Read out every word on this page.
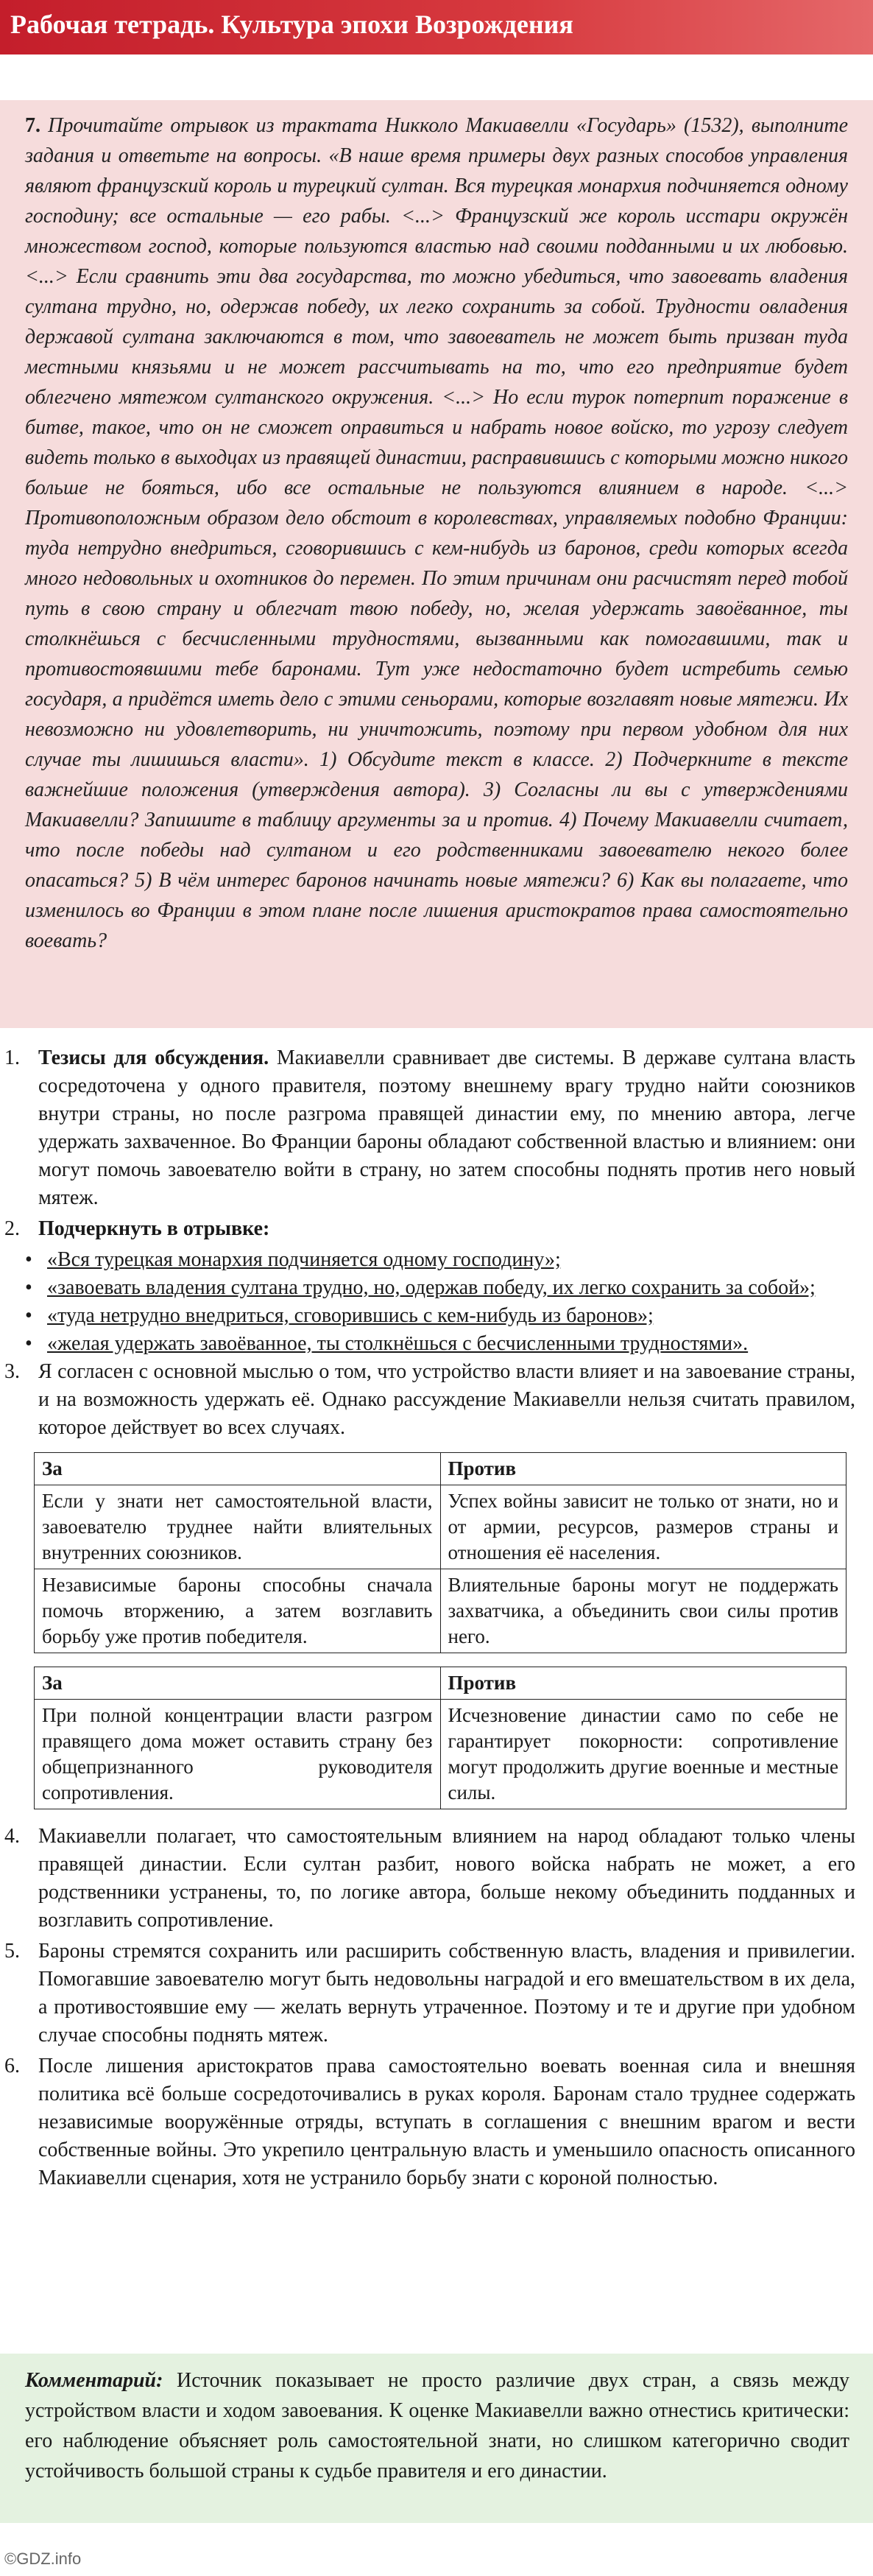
Рабочая тетрадь. Культура эпохи Возрождения
7. Прочитайте отрывок из трактата Никколо Макиавелли «Государь» (1532), выполните задания и ответьте на вопросы. «В наше время примеры двух разных способов управления являют французский король и турецкий султан. Вся турецкая монархия подчиняется одному господину; все остальные — его рабы. <...> Французский же король исстари окружён множеством господ, которые пользуются властью над своими подданными и их любовью. <...> Если сравнить эти два государства, то можно убедиться, что завоевать владения султана трудно, но, одержав победу, их легко сохранить за собой. Трудности овладения державой султана заключаются в том, что завоеватель не может быть призван туда местными князьями и не может рассчитывать на то, что его предприятие будет облегчено мятежом султанского окружения. <...> Но если турок потерпит поражение в битве, такое, что он не сможет оправиться и набрать новое войско, то угрозу следует видеть только в выходцах из правящей династии, расправившись с которыми можно никого больше не бояться, ибо все остальные не пользуются влиянием в народе. <...> Противоположным образом дело обстоит в королевствах, управляемых подобно Франции: туда нетрудно внедриться, сговорившись с кем-нибудь из баронов, среди которых всегда много недовольных и охотников до перемен. По этим причинам они расчистят перед тобой путь в свою страну и облегчат твою победу, но, желая удержать завоёванное, ты столкнёшься с бесчисленными трудностями, вызванными как помогавшими, так и противостоявшими тебе баронами. Тут уже недостаточно будет истребить семью государя, а придётся иметь дело с этими сеньорами, которые возглавят новые мятежи. Их невозможно ни удовлетворить, ни уничтожить, поэтому при первом удобном для них случае ты лишишься власти». 1) Обсудите текст в классе. 2) Подчеркните в тексте важнейшие положения (утверждения автора). 3) Согласны ли вы с утверждениями Макиавелли? Запишите в таблицу аргументы за и против. 4) Почему Макиавелли считает, что после победы над султаном и его родственниками завоевателю некого более опасаться? 5) В чём интерес баронов начинать новые мятежи? 6) Как вы полагаете, что изменилось во Франции в этом плане после лишения аристократов права самостоятельно воевать?
1. Тезисы для обсуждения. Макиавелли сравнивает две системы. В державе султана власть сосредоточена у одного правителя, поэтому внешнему врагу трудно найти союзников внутри страны, но после разгрома правящей династии ему, по мнению автора, легче удержать захваченное. Во Франции бароны обладают собственной властью и влиянием: они могут помочь завоевателю войти в страну, но затем способны поднять против него новый мятеж.
2. Подчеркнуть в отрывке:
• «Вся турецкая монархия подчиняется одному господину»;
• «завоевать владения султана трудно, но, одержав победу, их легко сохранить за собой»;
• «туда нетрудно внедриться, сговорившись с кем-нибудь из баронов»;
• «желая удержать завоёванное, ты столкнёшься с бесчисленными трудностями».
3. Я согласен с основной мыслью о том, что устройство власти влияет и на завоевание страны, и на возможность удержать её. Однако рассуждение Макиавелли нельзя считать правилом, которое действует во всех случаях.
За	Против
Если у знати нет самостоятельной власти, завоевателю труднее найти влиятельных внутренних союзников.	Успех войны зависит не только от знати, но и от армии, ресурсов, размеров страны и отношения её населения.
Независимые бароны способны сначала помочь вторжению, а затем возглавить борьбу уже против победителя.	Влиятельные бароны могут не поддержать захватчика, а объединить свои силы против него.
За	Против
При полной концентрации власти разгром правящего дома может оставить страну без общепризнанного руководителя сопротивления.	Исчезновение династии само по себе не гарантирует покорности: сопротивление могут продолжить другие военные и местные силы.
4. Макиавелли полагает, что самостоятельным влиянием на народ обладают только члены правящей династии. Если султан разбит, нового войска набрать не может, а его родственники устранены, то, по логике автора, больше некому объединить подданных и возглавить сопротивление.
5. Бароны стремятся сохранить или расширить собственную власть, владения и привилегии. Помогавшие завоевателю могут быть недовольны наградой и его вмешательством в их дела, а противостоявшие ему — желать вернуть утраченное. Поэтому и те и другие при удобном случае способны поднять мятеж.
6. После лишения аристократов права самостоятельно воевать военная сила и внешняя политика всё больше сосредоточивались в руках короля. Баронам стало труднее содержать независимые вооружённые отряды, вступать в соглашения с внешним врагом и вести собственные войны. Это укрепило центральную власть и уменьшило опасность описанного Макиавелли сценария, хотя не устранило борьбу знати с короной полностью.
Комментарий: Источник показывает не просто различие двух стран, а связь между устройством власти и ходом завоевания. К оценке Макиавелли важно отнестись критически: его наблюдение объясняет роль самостоятельной знати, но слишком категорично сводит устойчивость большой страны к судьбе правителя и его династии.
©GDZ.info
